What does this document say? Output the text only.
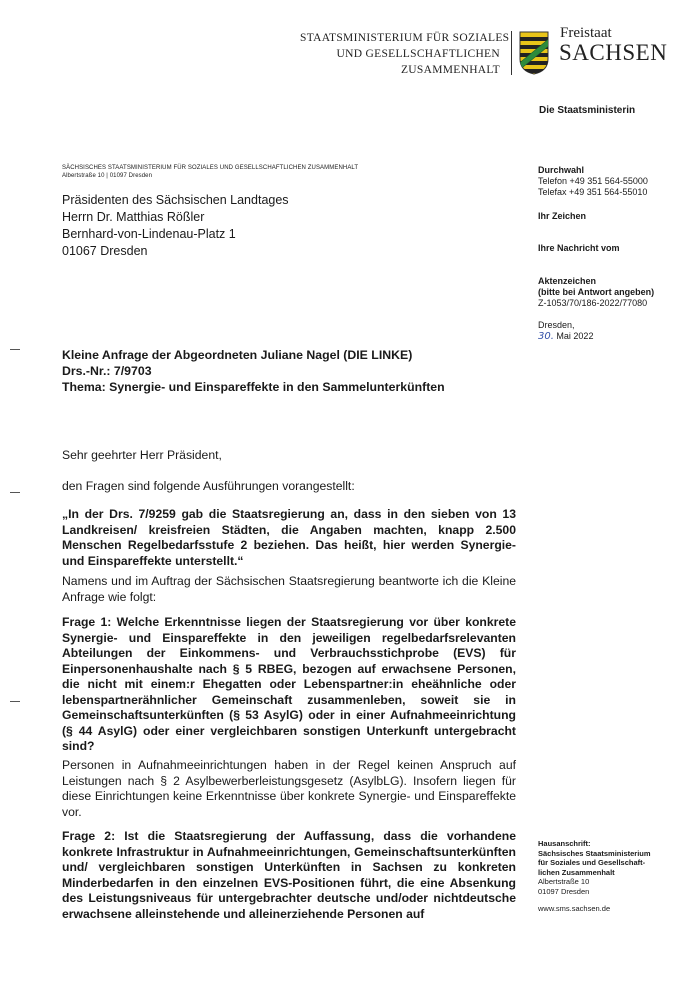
STAATSMINISTERIUM FÜR SOZIALES
UND GESELLSCHAFTLICHEN
ZUSAMMENHALT
Freistaat
SACHSEN
Die Staatsministerin
SÄCHSISCHES STAATSMINISTERIUM FÜR SOZIALES UND GESELLSCHAFTLICHEN ZUSAMMENHALT
Albertstraße 10 | 01097 Dresden
Präsidenten des Sächsischen Landtages
Herrn Dr. Matthias Rößler
Bernhard-von-Lindenau-Platz 1
01067 Dresden
Durchwahl
Telefon +49 351 564-55000
Telefax +49 351 564-55010
Ihr Zeichen
Ihre Nachricht vom
Aktenzeichen
(bitte bei Antwort angeben)
Z-1053/70/186-2022/77080
Dresden,
30. Mai 2022
Kleine Anfrage der Abgeordneten Juliane Nagel (DIE LINKE)
Drs.-Nr.: 7/9703
Thema: Synergie- und Einspareffekte in den Sammelunterkünften
Sehr geehrter Herr Präsident,
den Fragen sind folgende Ausführungen vorangestellt:
„In der Drs. 7/9259 gab die Staatsregierung an, dass in den sieben von 13 Landkreisen/ kreisfreien Städten, die Angaben machten, knapp 2.500 Menschen Regelbedarfsstufe 2 beziehen. Das heißt, hier werden Synergie- und Einspareffekte unterstellt.“
Namens und im Auftrag der Sächsischen Staatsregierung beantworte ich die Kleine Anfrage wie folgt:
Frage 1: Welche Erkenntnisse liegen der Staatsregierung vor über konkrete Synergie- und Einspareffekte in den jeweiligen regelbedarfsrelevanten Abteilungen der Einkommens- und Verbrauchsstichprobe (EVS) für Einpersonenhaushalte nach § 5 RBEG, bezogen auf erwachsene Personen, die nicht mit einem:r Ehegatten oder Lebenspartner:in eheähnliche oder lebenspartnerähnlicher Gemeinschaft zusammenleben, soweit sie in Gemeinschaftsunterkünften (§ 53 AsylG) oder in einer Aufnahmeeinrichtung (§ 44 AsylG) oder einer vergleichbaren sonstigen Unterkunft untergebracht sind?
Personen in Aufnahmeeinrichtungen haben in der Regel keinen Anspruch auf Leistungen nach § 2 Asylbewerberleistungsgesetz (AsylbLG). Insofern liegen für diese Einrichtungen keine Erkenntnisse über konkrete Synergie- und Einspareffekte vor.
Frage 2: Ist die Staatsregierung der Auffassung, dass die vorhandene konkrete Infrastruktur in Aufnahmeeinrichtungen, Gemeinschaftsunterkünften und/ vergleichbaren sonstigen Unterkünften in Sachsen zu konkreten Minderbedarfen in den einzelnen EVS-Positionen führt, die eine Absenkung des Leistungsniveaus für untergebrachter deutsche und/oder nichtdeutsche erwachsene alleinstehende und alleinerziehende Personen auf
Hausanschrift:
Sächsisches Staatsministerium
für Soziales und Gesellschaft-
lichen Zusammenhalt
Albertstraße 10
01097 Dresden
www.sms.sachsen.de
